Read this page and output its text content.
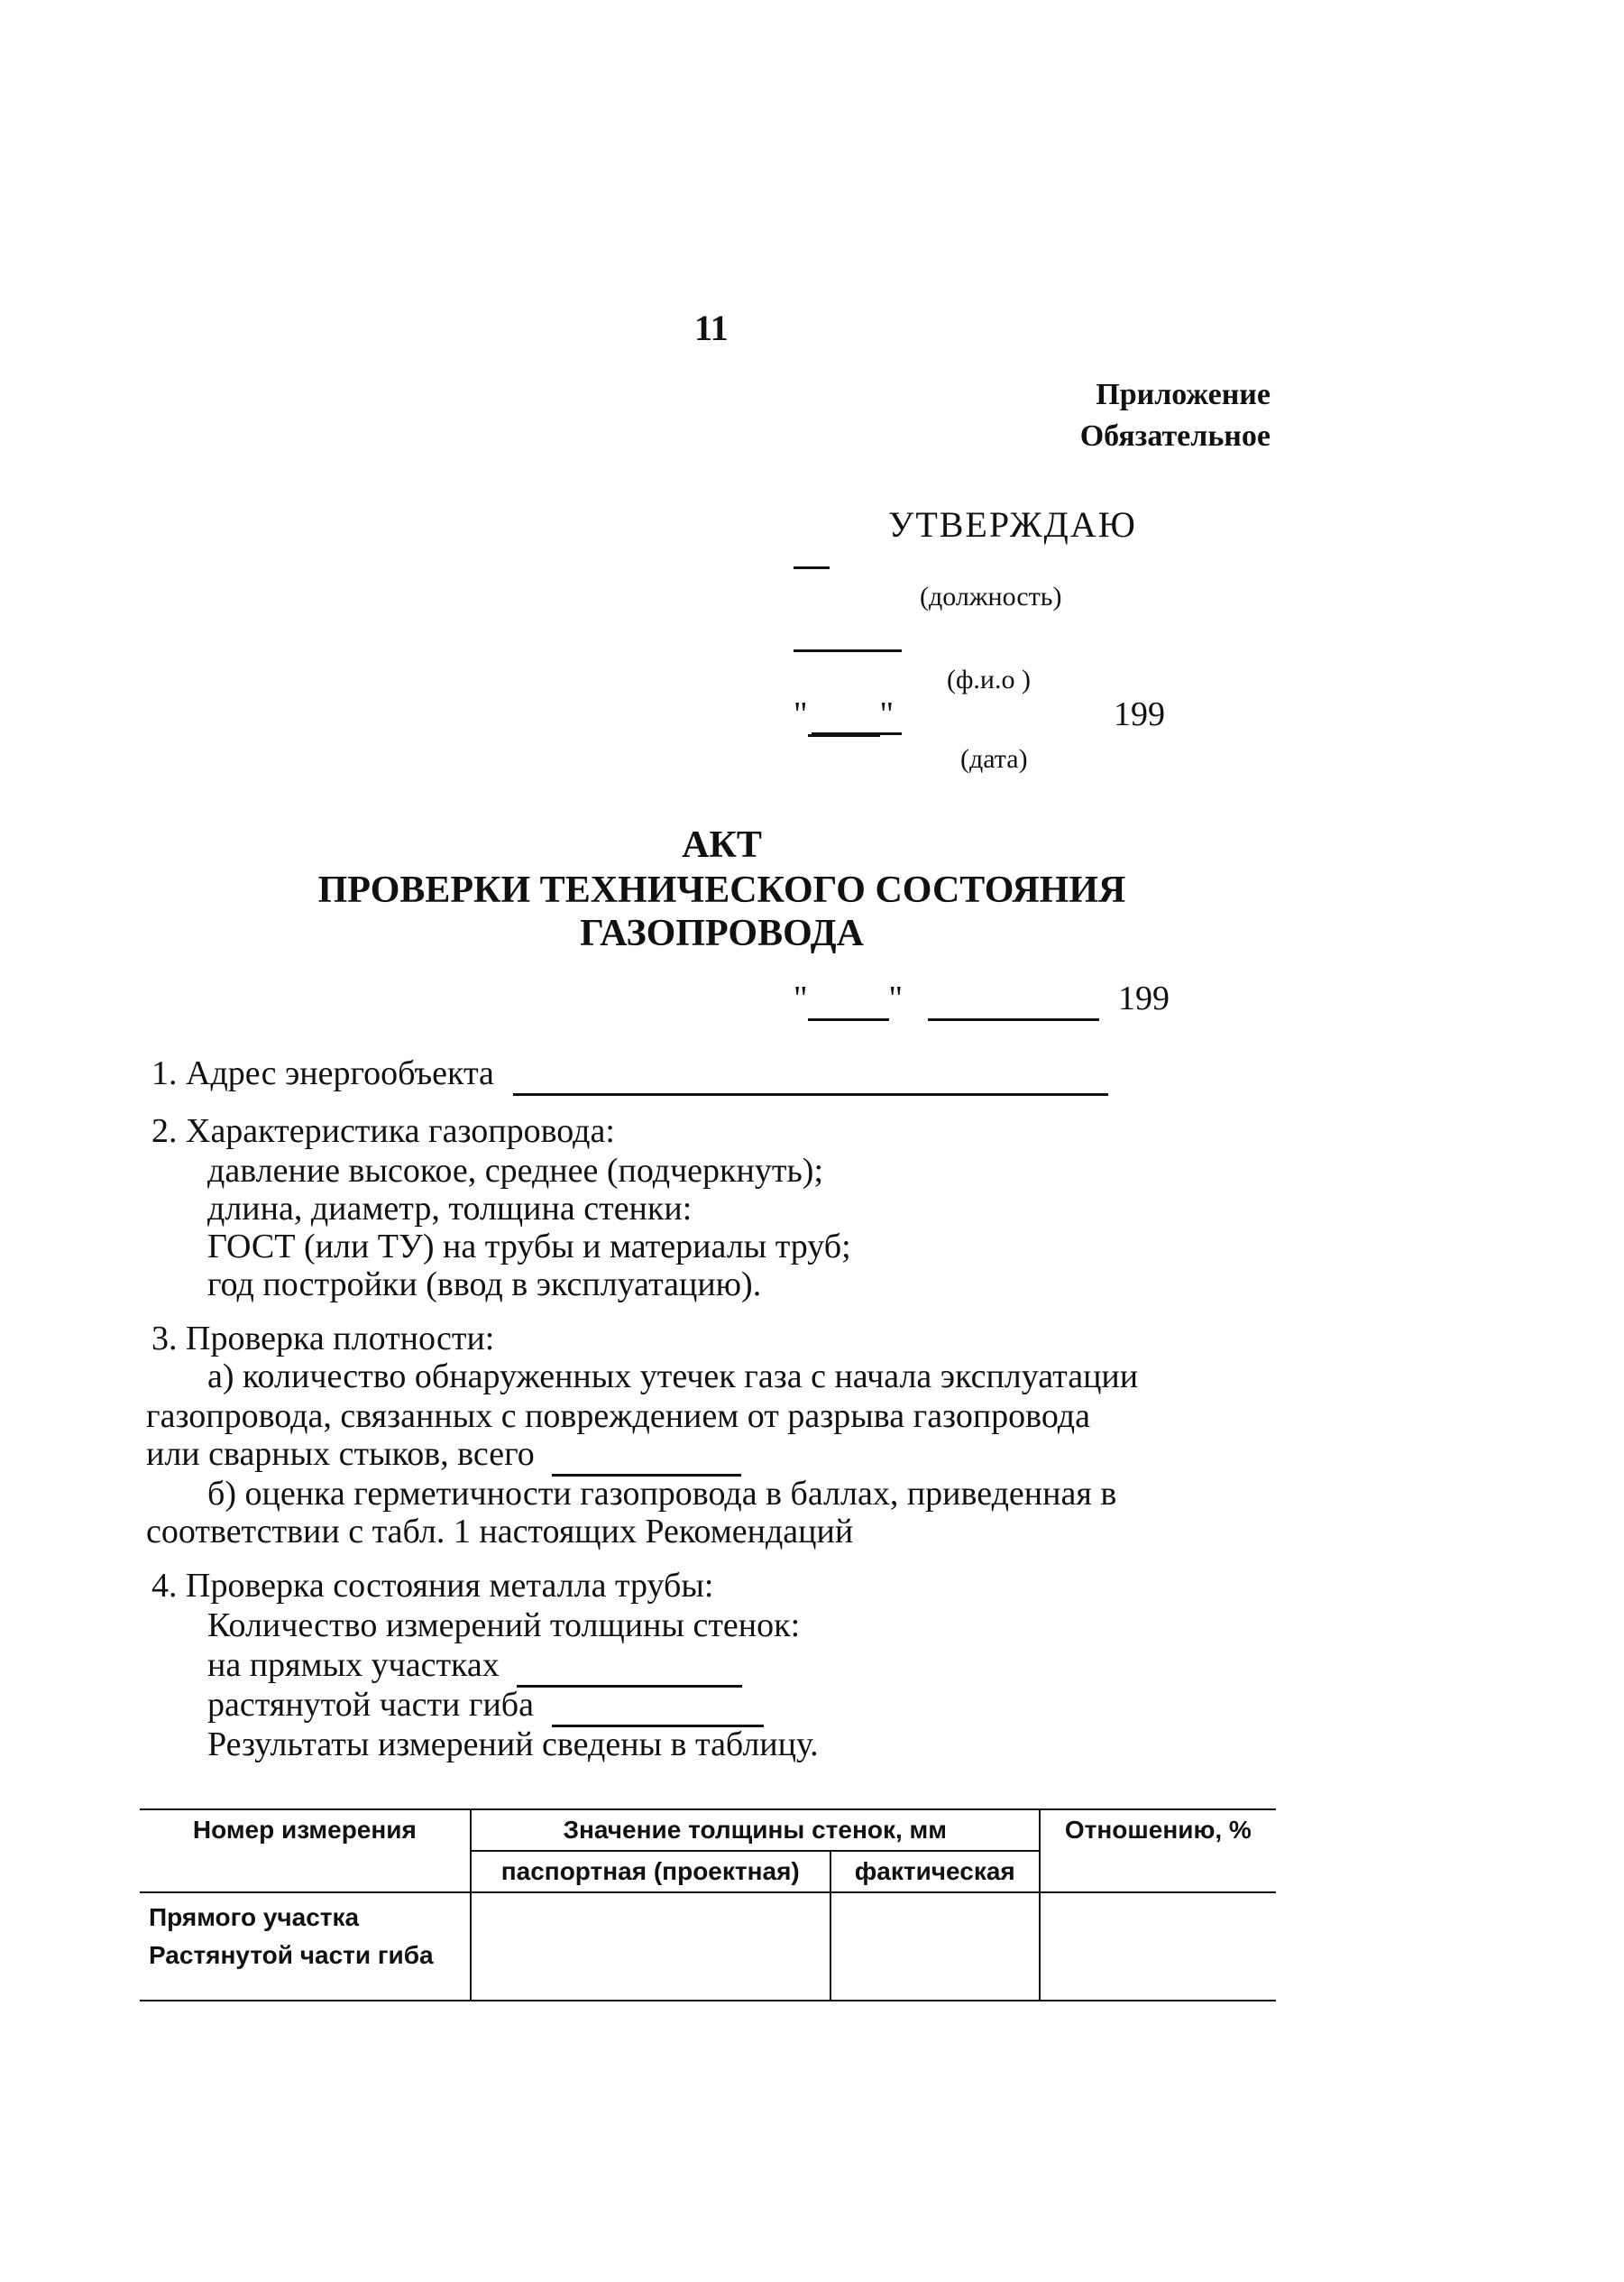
11
Приложение
Обязательное
УТВЕРЖДАЮ
(должность)
(ф.и.о )
" "	199
(дата)
АКТ
ПРОВЕРКИ ТЕХНИЧЕСКОГО СОСТОЯНИЯ
ГАЗОПРОВОДА
" "	199
1. Адрес энергообъекта
2. Характеристика газопровода:
давление высокое, среднее (подчеркнуть);
длина, диаметр, толщина стенки:
ГОСТ (или ТУ) на трубы и материалы труб;
год постройки (ввод в эксплуатацию).
3. Проверка плотности:
а) количество обнаруженных утечек газа с начала эксплуатации
газопровода, связанных с повреждением от разрыва газопровода
или сварных стыков, всего
б) оценка герметичности газопровода в баллах, приведенная в
соответствии с табл. 1 настоящих Рекомендаций
4. Проверка состояния металла трубы:
Количество измерений толщины стенок:
на прямых участках
растянутой части гиба
Результаты измерений сведены в таблицу.
Номер измерения	Значение толщины стенок, мм		Отношению, %
	паспортная (проектная)	фактическая	

Прямого участка
Растянутой части гиба			
